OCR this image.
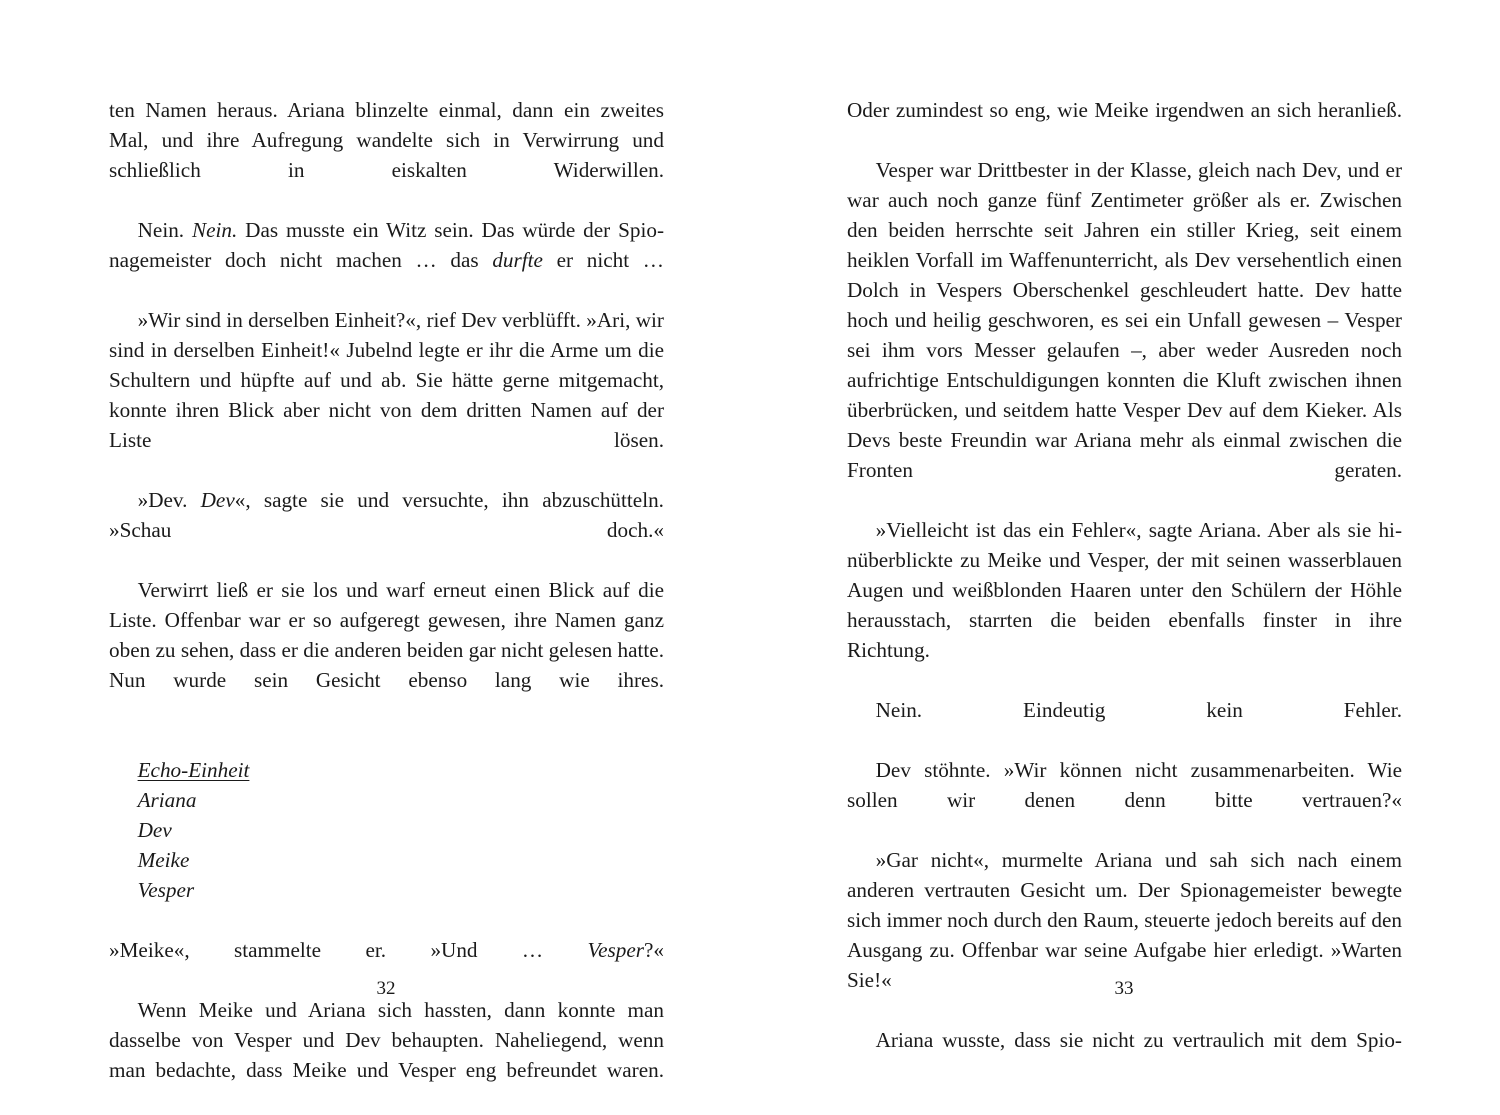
ten Namen heraus. Ariana blinzelte einmal, dann ein zweites Mal, und ihre Aufregung wandelte sich in Verwirrung und schließlich in eiskalten Widerwillen.

Nein. Nein. Das musste ein Witz sein. Das würde der Spionagemeister doch nicht machen … das durfte er nicht …

»Wir sind in derselben Einheit?«, rief Dev verblüfft. »Ari, wir sind in derselben Einheit!« Jubelnd legte er ihr die Arme um die Schultern und hüpfte auf und ab. Sie hätte gerne mitgemacht, konnte ihren Blick aber nicht von dem dritten Namen auf der Liste lösen.

»Dev. Dev«, sagte sie und versuchte, ihn abzuschütteln. »Schau doch.«

Verwirrt ließ er sie los und warf erneut einen Blick auf die Liste. Offenbar war er so aufgeregt gewesen, ihre Namen ganz oben zu sehen, dass er die anderen beiden gar nicht gelesen hatte. Nun wurde sein Gesicht ebenso lang wie ihres.

Echo-Einheit
Ariana
Dev
Meike
Vesper

»Meike«, stammelte er. »Und … Vesper?«

Wenn Meike und Ariana sich hassten, dann konnte man dasselbe von Vesper und Dev behaupten. Naheliegend, wenn man bedachte, dass Meike und Vesper eng befreundet waren.

32

Oder zumindest so eng, wie Meike irgendwen an sich heranließ.

Vesper war Drittbester in der Klasse, gleich nach Dev, und er war auch noch ganze fünf Zentimeter größer als er. Zwischen den beiden herrschte seit Jahren ein stiller Krieg, seit einem heiklen Vorfall im Waffenunterricht, als Dev versehentlich einen Dolch in Vespers Oberschenkel geschleudert hatte. Dev hatte hoch und heilig geschworen, es sei ein Unfall gewesen – Vesper sei ihm vors Messer gelaufen –, aber weder Ausreden noch aufrichtige Entschuldigungen konnten die Kluft zwischen ihnen überbrücken, und seitdem hatte Vesper Dev auf dem Kieker. Als Devs beste Freundin war Ariana mehr als einmal zwischen die Fronten geraten.

»Vielleicht ist das ein Fehler«, sagte Ariana. Aber als sie hinüberblickte zu Meike und Vesper, der mit seinen wasserblauen Augen und weißblonden Haaren unter den Schülern der Höhle herausstach, starrten die beiden ebenfalls finster in ihre Richtung.

Nein. Eindeutig kein Fehler.

Dev stöhnte. »Wir können nicht zusammenarbeiten. Wie sollen wir denen denn bitte vertrauen?«

»Gar nicht«, murmelte Ariana und sah sich nach einem anderen vertrauten Gesicht um. Der Spionagemeister bewegte sich immer noch durch den Raum, steuerte jedoch bereits auf den Ausgang zu. Offenbar war seine Aufgabe hier erledigt. »Warten Sie!«

Ariana wusste, dass sie nicht zu vertraulich mit dem Spio-

33
